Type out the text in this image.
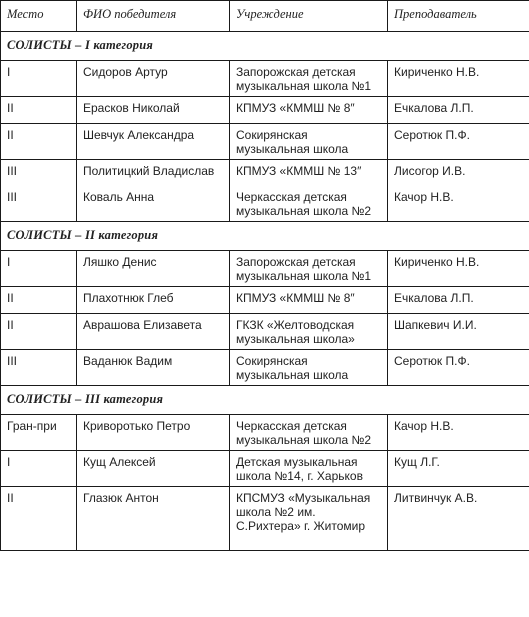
Место	ФИО победителя	Учреждение	Преподаватель
СОЛИСТЫ – I категория			
I	Сидоров Артур	Запорожская детская музыкальная школа №1	Кириченко Н.В.
II	Ерасков Николай	КПМУЗ «КММШ № 8″	Ечкалова Л.П.
II	Шевчук Александра	Сокирянская музыкальная школа	Серотюк П.Ф.
III	Политицкий Владислав	КПМУЗ «КММШ № 13″	Лисогор И.В.
III	Коваль Анна	Черкасская детская музыкальная школа №2	Качор Н.В.
СОЛИСТЫ – II категория			
I	Ляшко Денис	Запорожская детская музыкальная школа №1	Кириченко Н.В.
II	Плахотнюк Глеб	КПМУЗ «КММШ № 8″	Ечкалова Л.П.
II	Аврашова Елизавета	ГКЗК «Желтоводская музыкальная школа»	Шапкевич И.И.
III	Ваданюк Вадим	Сокирянская музыкальная школа	Серотюк П.Ф.
СОЛИСТЫ – III категория			
Гран-при	Криворотько Петро	Черкасская детская музыкальная школа №2	Качор Н.В.
I	Кущ Алексей	Детская музыкальная школа №14, г. Харьков	Кущ Л.Г.
II	Глазюк Антон	КПСМУЗ «Музыкальная школа №2 им. С.Рихтера» г. Житомир	Литвинчук А.В.
